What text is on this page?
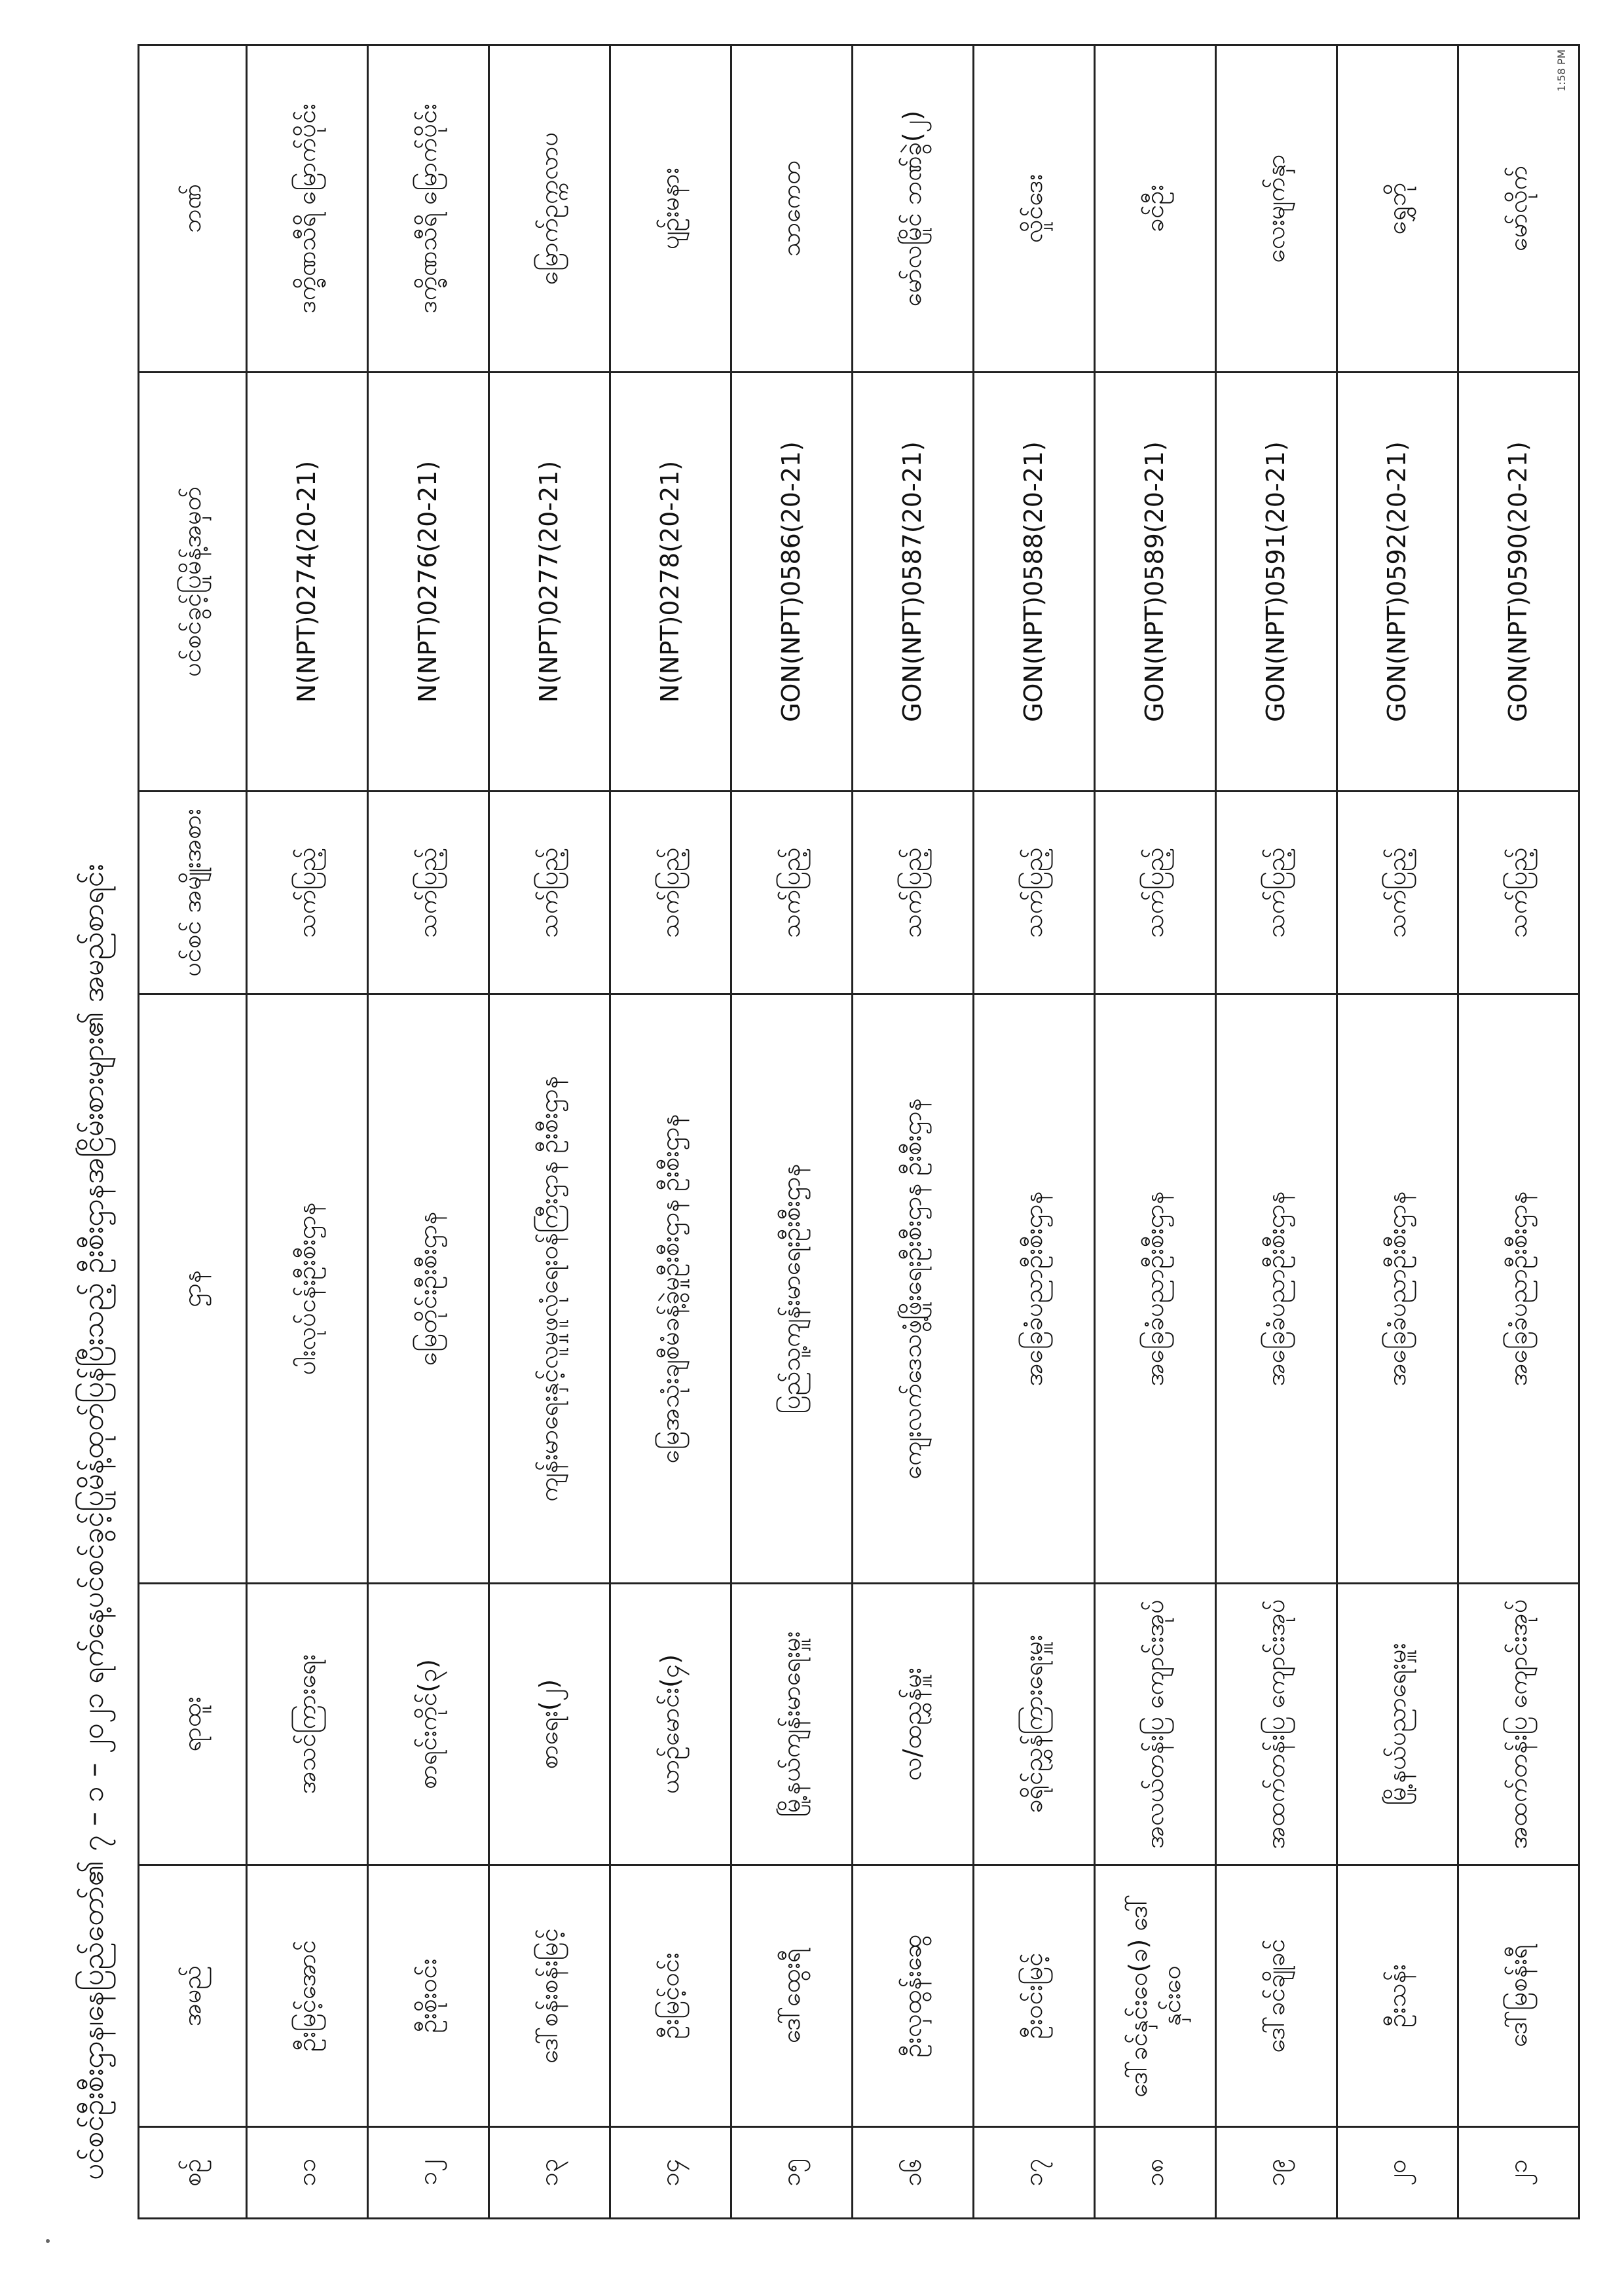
1:58 PM
ပင်စင်ဦးစီးဌာန၊နေပြည်တော်၏ ၇ – ၁ – ၂၀၂၁ ရက်နေ့ပင်စင်ခွင့်ပြုမိန့်ထုတ်ပြန်ပြီးသည့် ဦးစီးဌာနအငြိမ်းစားများ၏ အမည်စာရင်း	စဉ်	အမည်	ရာထူး	ဌာန	ပင်စင် အမျိုးအစား	ပင်စင်ခွင့်ပြုမိန့်အမှတ်	ဘဏ်
၁၁	ဦးမြင့်အောင်	အသင်ကြားရေး	ပါးလုပ်ငန်းဦးစီးဌာန	သက်ပြည့်	N(NPT)0274(20-21)	ဒက္ခိဏသီရိ မြောက်ပိုင်း
၁၂	ဦးစိုးဝင်း	စာရင်းကိုင်(၃)	မြေတိုင်းဦးစီးဌာန	သက်ပြည့်	N(NPT)0276(20-21)	ဒက္ခိဏသီရိ မြောက်ပိုင်း
၁၃	ဒေါ်စန်းစန်းမြင့်	စာရေး(၂)	ကျန်းမာရေးနှင့်လူမှုဖူလုံရေးဝန်ကြီးဌာန ဦးစီးဌာန	သက်ပြည့်	N(NPT)0277(20-21)	မြောက်ဥက္ကလာပ
၁၄	ဦးမြင့်ဝင်း	ယာဉ်မောင်း(၄)	မြေအသုံးချစီမံခန့်ခွဲမှုဦးစီးဌာန ဦးစီးဌာန	သက်ပြည့်	N(NPT)0278(20-21)	ပျဉ်းမနား
၁၅	ဒေါ်ထွေးရီ	မြို့နယ်ကျန်းမာရေးမှူး	ပြည်သူ့ကျန်းမာရေးဦးစီးဌာန	သက်ပြည့်	GON(NPT)0586(20-21)	သာကေတ
၁၆	ဦးလှထွန်းဆွေ	လ/ထညွှန်မှူး	ကျေးလက်ဒေသဖွံ့ဖြိုးရေးဦးစီးဌာန ဦးစီးဌာန	သက်ပြည့်	GON(NPT)0587(20-21)	မော်လမြိုင် ဘဏ်ခွဲ(၂)
၁၇	ဦးဝင်းမြင့်	ခရိုင်ညွှန်ကြားရေးမှူး	အခြေခံပညာဦးစီးဌာန	သက်ပြည့်	GON(NPT)0588(20-21)	လှိုင်ဒေး
၁၈	ဒေါ်ခင်နှင်းဝေ(ခ) ဒေါ်နှင်းဝေ	အလယ်တန်းပြ ကျောင်းအုပ်	အခြေခံပညာဦးစီးဌာန	သက်ပြည့်	GON(NPT)0589(20-21)	ခင်ဦး
၁၉	ဒေါ်ခင်ချိုခင်	အထက်တန်းပြ ကျောင်းအုပ်	အခြေခံပညာဦးစီးဌာန	သက်ပြည့်	GON(NPT)0591(20-21)	လေးမျက်နှာ
၂၀	ဦးသန်း	မြို့နယ်ပညာရေးမှူး	အခြေခံပညာဦးစီးဌာန	သက်ပြည့်	GON(NPT)0592(20-21)	ရွှေဘို
၂၁	ဒေါ်မြစန်းရီ	အထက်တန်းပြ ကျောင်းအုပ်	အခြေခံပညာဦးစီးဌာန	သက်ပြည့်	GON(NPT)0590(20-21)	မော်လိုက်
